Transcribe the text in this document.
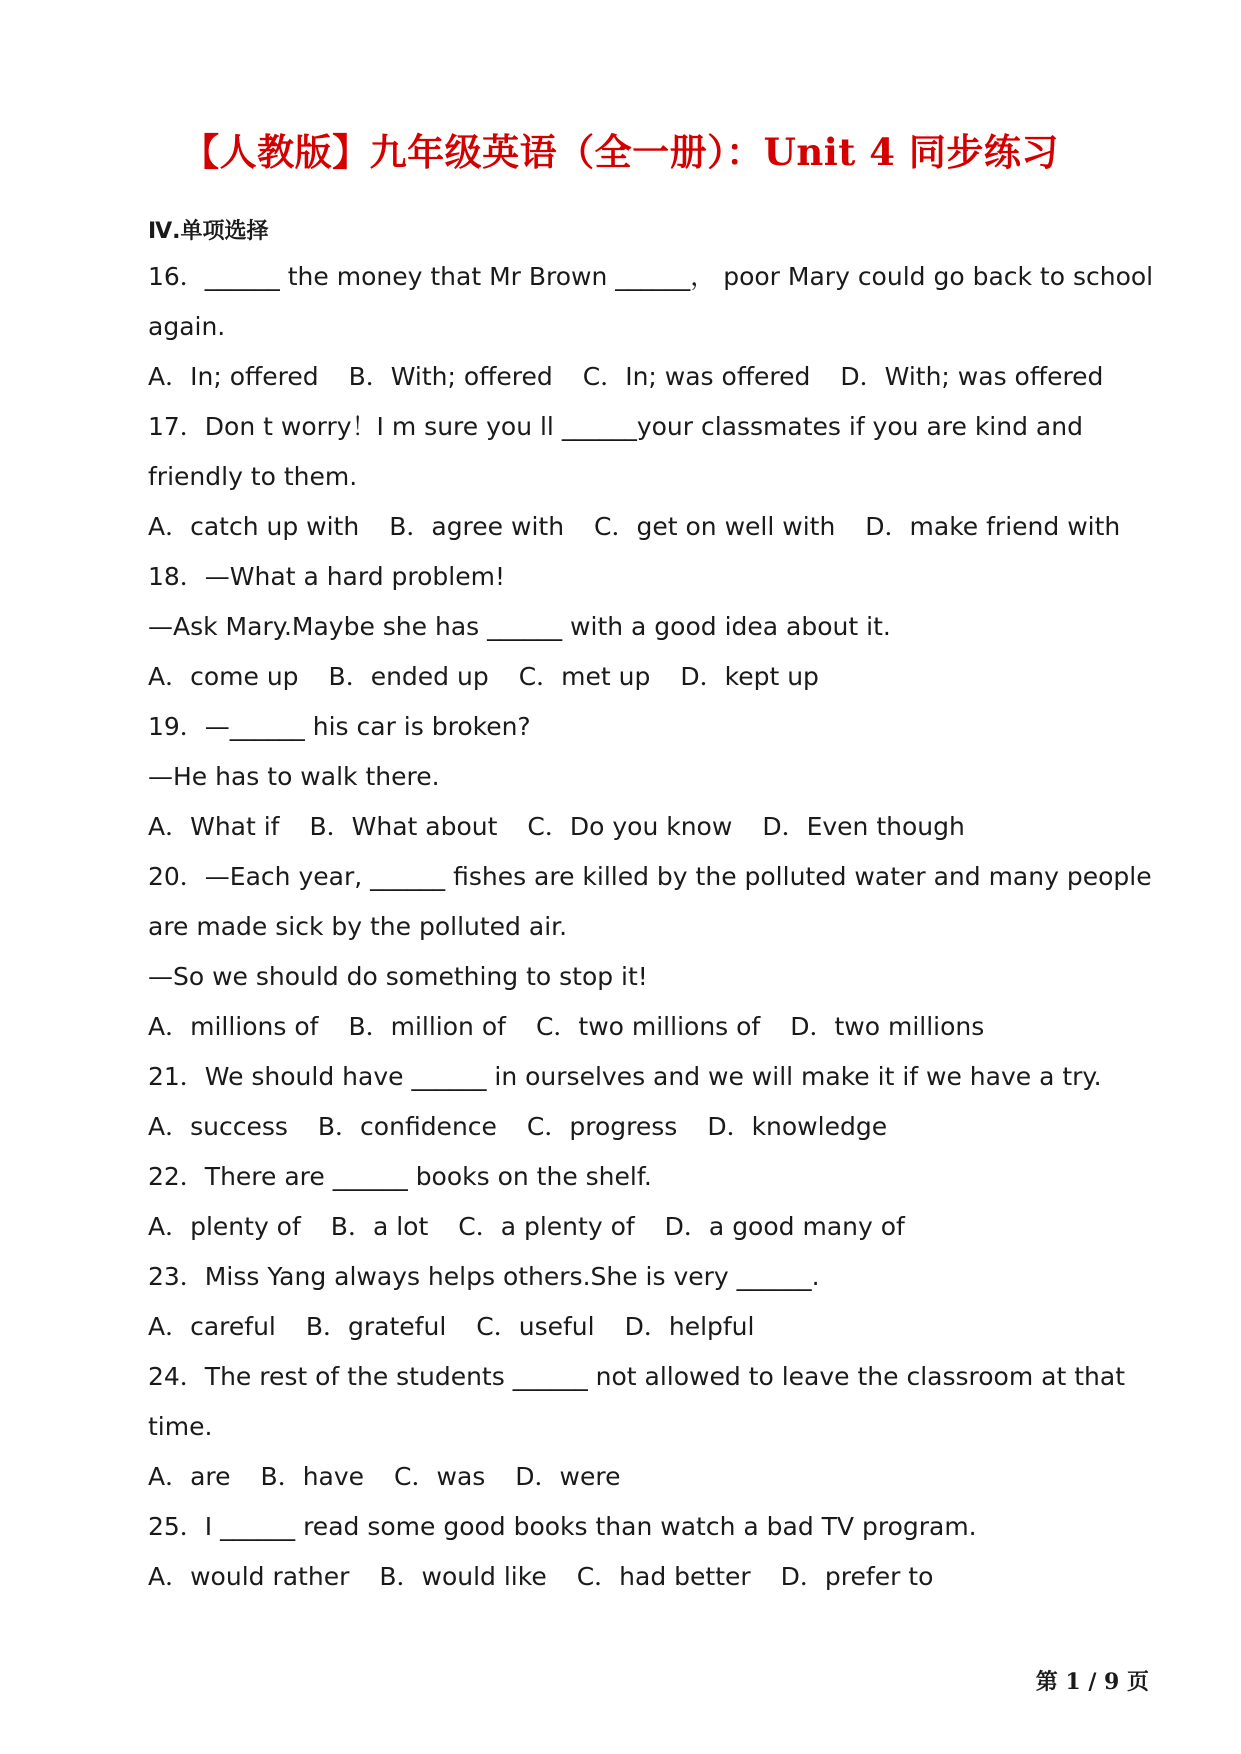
【人教版】九年级英语（全一册）：Unit 4 同步练习
Ⅳ.单项选择
16．______ the money that Mr Brown ______， poor Mary could go back to school
again.
A．In; offered B．With; offered C．In; was offered D．With; was offered
17．Don t worry！I m sure you ll ______your classmates if you are kind and
friendly to them.
A．catch up with B．agree with C．get on well with D．make friend with
18．—What a hard problem!
—Ask Mary.Maybe she has ______ with a good idea about it.
A．come up B．ended up C．met up D．kept up
19．—______ his car is broken?
—He has to walk there.
A．What if B．What about C．Do you know D．Even though
20．—Each year, ______ fishes are killed by the polluted water and many people
are made sick by the polluted air.
—So we should do something to stop it!
A．millions of B．million of C．two millions of D．two millions
21．We should have ______ in ourselves and we will make it if we have a try.
A．success B．confidence C．progress D．knowledge
22．There are ______ books on the shelf.
A．plenty of B．a lot C．a plenty of D．a good many of
23．Miss Yang always helps others.She is very ______.
A．careful B．grateful C．useful D．helpful
24．The rest of the students ______ not allowed to leave the classroom at that
time.
A．are B．have C．was D．were
25．I ______ read some good books than watch a bad TV program.
A．would rather B．would like C．had better D．prefer to
第 1 / 9 页
